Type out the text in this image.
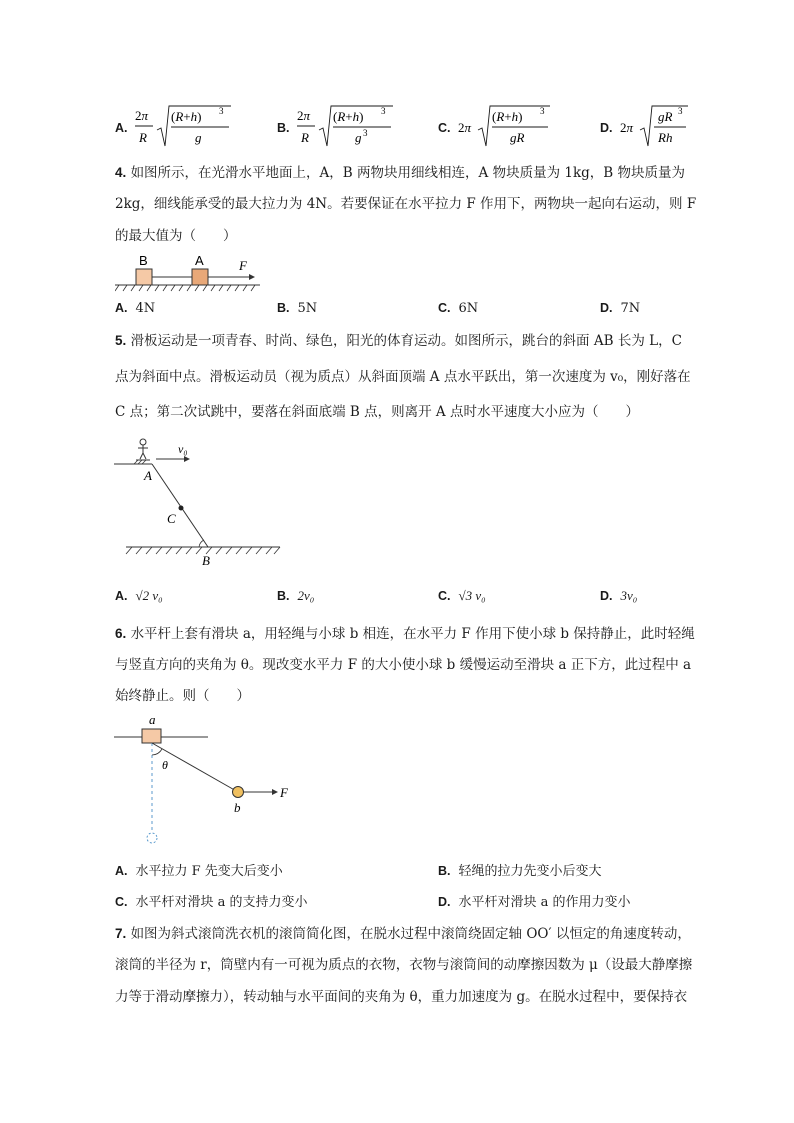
A.
2π
R
(R+h) 3
g
B.
2π
R
(R+h) 3
g 3	C. 2π
(R+h) 3
gR
D. 2π
gR 3
Rh
4. 如图所示，在光滑水平地面上，A，B 两物块用细线相连，A 物块质量为 1kg，B 物块质量为
2kg，细线能承受的最大拉力为 4N。若要保证在水平拉力 F 作用下，两物块一起向右运动，则 F
的最大值为（　　）
B	A	F
A. 4N	B. 5N	C. 6N	D. 7N
5. 滑板运动是一项青春、时尚、绿色，阳光的体育运动。如图所示，跳台的斜面 AB 长为 L，C
点为斜面中点。滑板运动员（视为质点）从斜面顶端 A 点水平跃出，第一次速度为 v₀，刚好落在
C 点；第二次试跳中，要落在斜面底端 B 点，则离开 A 点时水平速度大小应为（　　）
v₀
A
C
B
A. √2 v₀	B. 2v₀	C. √3 v₀	D. 3v₀
6. 水平杆上套有滑块 a，用轻绳与小球 b 相连，在水平力 F 作用下使小球 b 保持静止，此时轻绳
与竖直方向的夹角为 θ。现改变水平力 F 的大小使小球 b 缓慢运动至滑块 a 正下方，此过程中 a
始终静止。则（　　）
a
θ
F
b
A. 水平拉力 F 先变大后变小	B. 轻绳的拉力先变小后变大
C. 水平杆对滑块 a 的支持力变小	D. 水平杆对滑块 a 的作用力变小
7. 如图为斜式滚筒洗衣机的滚筒简化图，在脱水过程中滚筒绕固定轴 OO′ 以恒定的角速度转动，
滚筒的半径为 r，筒壁内有一可视为质点的衣物，衣物与滚筒间的动摩擦因数为 μ（设最大静摩擦
力等于滑动摩擦力），转动轴与水平面间的夹角为 θ，重力加速度为 g。在脱水过程中，要保持衣
